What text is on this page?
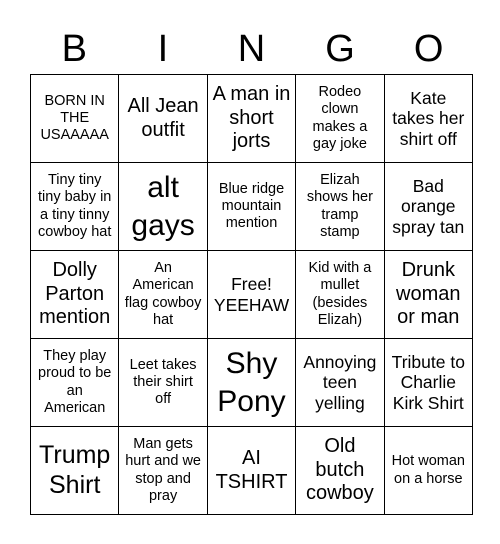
B	I	N	G	O
BORN IN THE USAAAAA
All Jean outfit
A man in short jorts
Rodeo clown makes a gay joke
Kate takes her shirt off
Tiny tiny tiny baby in a tiny tinny cowboy hat
alt gays
Blue ridge mountain mention
Elizah shows her tramp stamp
Bad orange spray tan
Dolly Parton mention
An American flag cowboy hat
Free! YEEHAW
Kid with a mullet (besides Elizah)
Drunk woman or man
They play proud to be an American
Leet takes their shirt off
Shy Pony
Annoying teen yelling
Tribute to Charlie Kirk Shirt
Trump Shirt
Man gets hurt and we stop and pray
AI TSHIRT
Old butch cowboy
Hot woman on a horse
